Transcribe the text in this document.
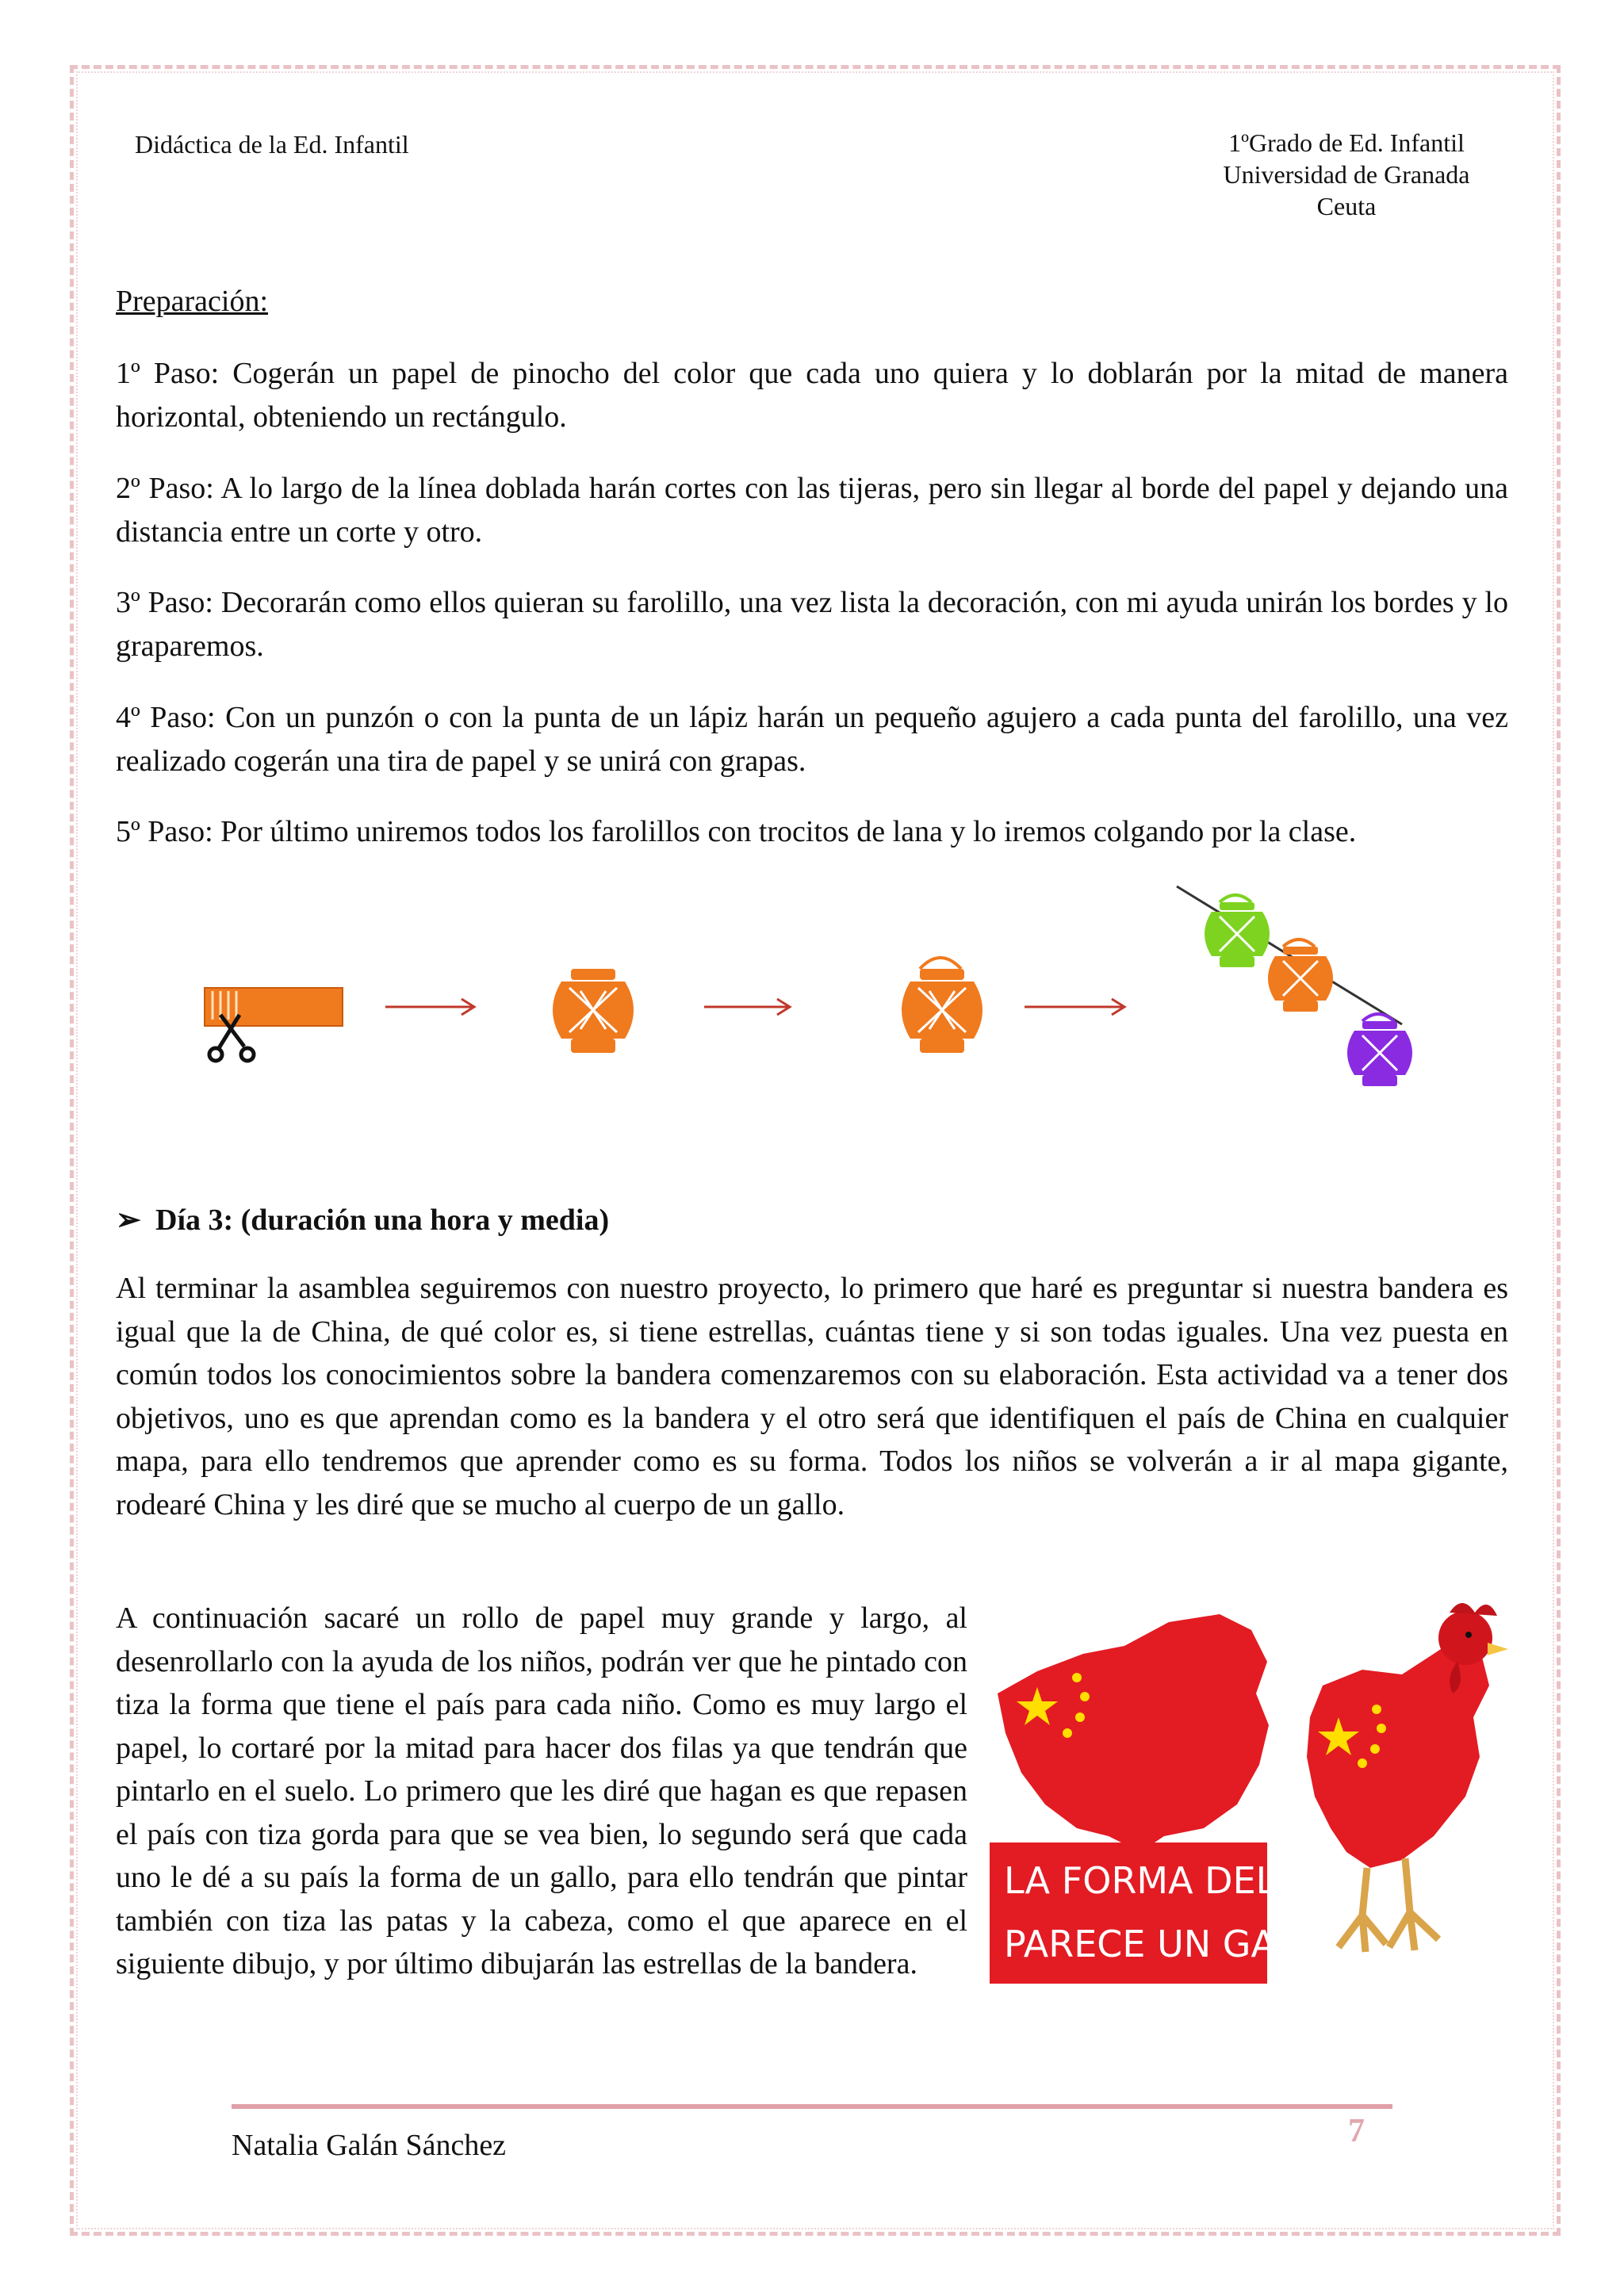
Didáctica de la Ed. Infantil	1ºGrado de Ed. Infantil
Universidad de Granada
Ceuta
Preparación:
1º Paso: Cogerán un papel de pinocho del color que cada uno quiera y lo doblarán por la mitad de manera horizontal, obteniendo un rectángulo.
2º Paso: A lo largo de la línea doblada harán cortes con las tijeras, pero sin llegar al borde del papel y dejando una distancia entre un corte y otro.
3º Paso: Decorarán como ellos quieran su farolillo, una vez lista la decoración, con mi ayuda unirán los bordes y lo graparemos.
4º Paso: Con un punzón o con la punta de un lápiz harán un pequeño agujero a cada punta del farolillo, una vez realizado cogerán una tira de papel y se unirá con grapas.
5º Paso: Por último uniremos todos los farolillos con trocitos de lana y lo iremos colgando por la clase.
➢ Día 3: (duración una hora y media)
Al terminar la asamblea seguiremos con nuestro proyecto, lo primero que haré es preguntar si nuestra bandera es igual que la de China, de qué color es, si tiene estrellas, cuántas tiene y si son todas iguales. Una vez puesta en común todos los conocimientos sobre la bandera comenzaremos con su elaboración. Esta actividad va a tener dos objetivos, uno es que aprendan como es la bandera y el otro será que identifiquen el país de China en cualquier mapa, para ello tendremos que aprender como es su forma. Todos los niños se volverán a ir al mapa gigante, rodearé China y les diré que se mucho al cuerpo de un gallo.
A continuación sacaré un rollo de papel muy grande y largo, al desenrollarlo con la ayuda de los niños, podrán ver que he pintado con tiza la forma que tiene el país para cada niño. Como es muy largo el papel, lo cortaré por la mitad para hacer dos filas ya que tendrán que pintarlo en el suelo. Lo primero que les diré que hagan es que repasen el país con tiza gorda para que se vea bien, lo segundo será que cada uno le dé a su país la forma de un gallo, para ello tendrán que pintar también con tiza las patas y la cabeza, como el que aparece en el siguiente dibujo, y por último dibujarán las estrellas de la bandera.
LA FORMA DEL PAÍS
PARECE UN GALLO
Natalia Galán Sánchez	7
